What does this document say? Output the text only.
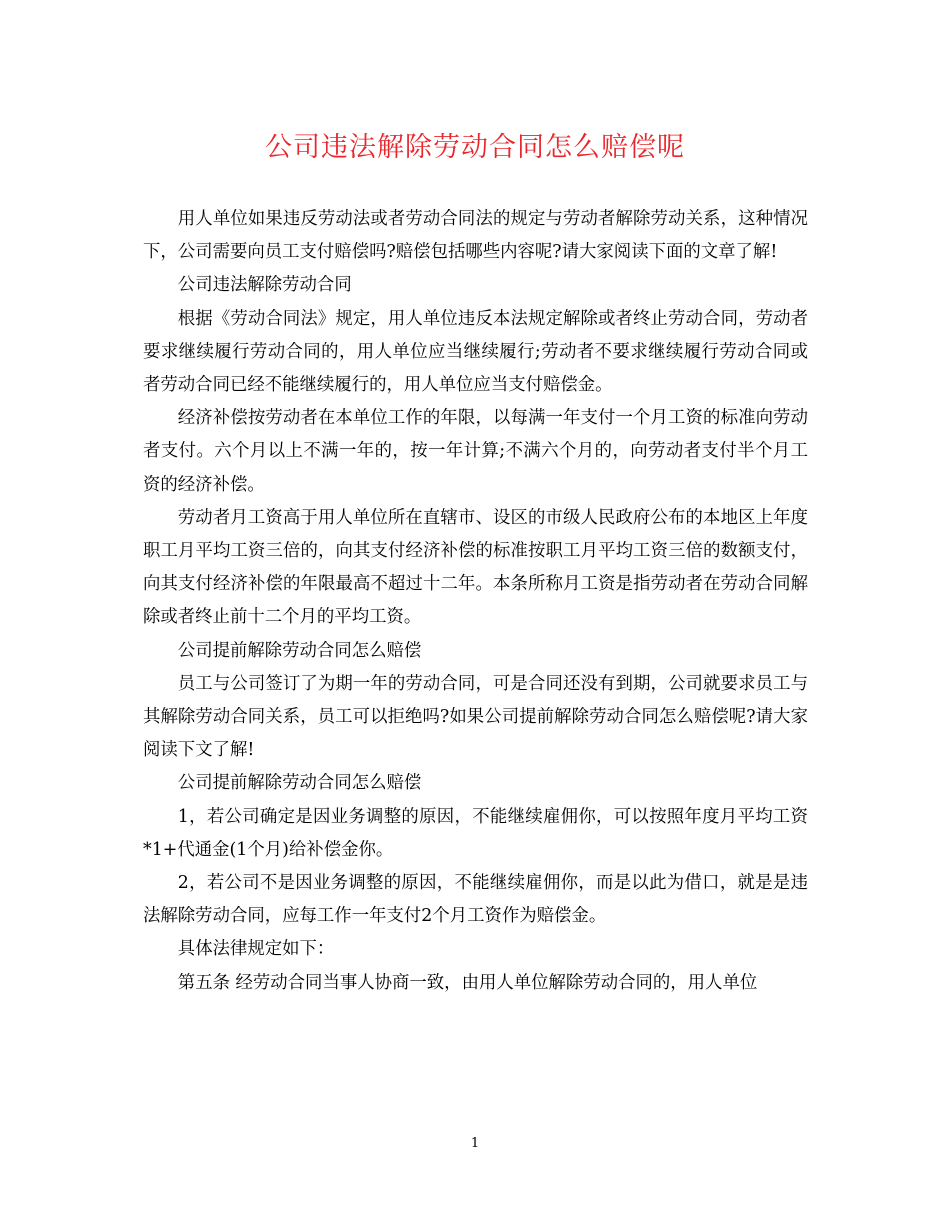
公司违法解除劳动合同怎么赔偿呢

用人单位如果违反劳动法或者劳动合同法的规定与劳动者解除劳动关系，这种情况下，公司需要向员工支付赔偿吗?赔偿包括哪些内容呢?请大家阅读下面的文章了解!

公司违法解除劳动合同

根据《劳动合同法》规定，用人单位违反本法规定解除或者终止劳动合同，劳动者要求继续履行劳动合同的，用人单位应当继续履行;劳动者不要求继续履行劳动合同或者劳动合同已经不能继续履行的，用人单位应当支付赔偿金。

经济补偿按劳动者在本单位工作的年限，以每满一年支付一个月工资的标准向劳动者支付。六个月以上不满一年的，按一年计算;不满六个月的，向劳动者支付半个月工资的经济补偿。

劳动者月工资高于用人单位所在直辖市、设区的市级人民政府公布的本地区上年度职工月平均工资三倍的，向其支付经济补偿的标准按职工月平均工资三倍的数额支付，向其支付经济补偿的年限最高不超过十二年。本条所称月工资是指劳动者在劳动合同解除或者终止前十二个月的平均工资。

公司提前解除劳动合同怎么赔偿

员工与公司签订了为期一年的劳动合同，可是合同还没有到期，公司就要求员工与其解除劳动合同关系，员工可以拒绝吗?如果公司提前解除劳动合同怎么赔偿呢?请大家阅读下文了解!

公司提前解除劳动合同怎么赔偿

1，若公司确定是因业务调整的原因，不能继续雇佣你，可以按照年度月平均工资*1+代通金(1个月)给补偿金你。

2，若公司不是因业务调整的原因，不能继续雇佣你，而是以此为借口，就是是违法解除劳动合同，应每工作一年支付2个月工资作为赔偿金。

具体法律规定如下：

第五条 经劳动合同当事人协商一致，由用人单位解除劳动合同的，用人单位

1
